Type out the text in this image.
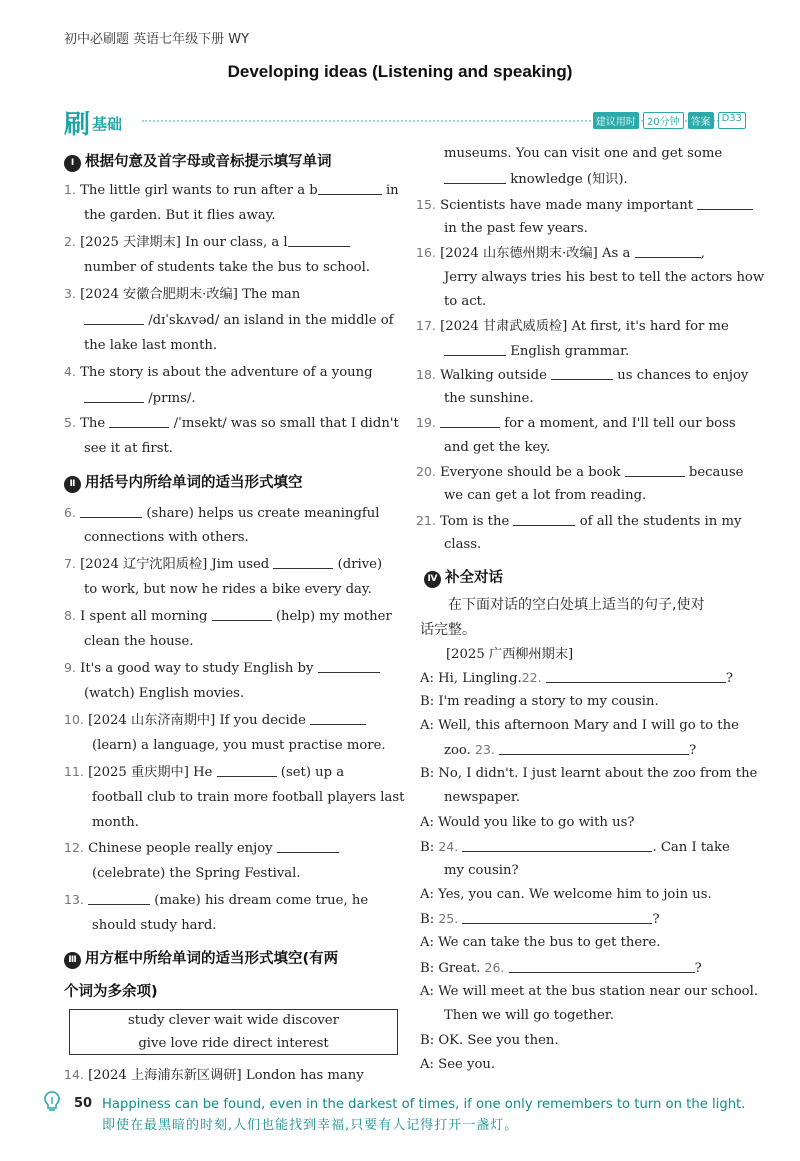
初中必刷题 英语七年级下册 WY
Developing ideas (Listening and speaking)
刷基础	建议用时	20分钟	答案	D33
Ⅰ 根据句意及首字母或音标提示填写单词
1. The little girl wants to run after a b	in
the garden. But it flies away.
2. [2025 天津期末] In our class, a l
number of students take the bus to school.
3. [2024 安徽合肥期末·改编] The man
/dɪˈskʌvəd/ an island in the middle of
the lake last month.
4. The story is about the adventure of a young
/prɪns/.
5. The	/ˈɪnsekt/ was so small that I didn't
see it at first.
Ⅱ 用括号内所给单词的适当形式填空
6.	(share) helps us create meaningful
connections with others.
7. [2024 辽宁沈阳质检] Jim used	(drive)
to work, but now he rides a bike every day.
8. I spent all morning	(help) my mother
clean the house.
9. It's a good way to study English by
(watch) English movies.
10. [2024 山东济南期中] If you decide
(learn) a language, you must practise more.
11. [2025 重庆期中] He	(set) up a
football club to train more football players last
month.
12. Chinese people really enjoy
(celebrate) the Spring Festival.
13.	(make) his dream come true, he
should study hard.
Ⅲ 用方框中所给单词的适当形式填空(有两
个词为多余项)
study clever wait wide discover
give love ride direct interest
14. [2024 上海浦东新区调研] London has many
museums. You can visit one and get some
knowledge (知识).
15. Scientists have made many important
in the past few years.
16. [2024 山东德州期末·改编] As a	,
Jerry always tries his best to tell the actors how
to act.
17. [2024 甘肃武威质检] At first, it's hard for me
English grammar.
18. Walking outside	us chances to enjoy
the sunshine.
19.	for a moment, and I'll tell our boss
and get the key.
20. Everyone should be a book	because
we can get a lot from reading.
21. Tom is the	of all the students in my
class.
Ⅳ 补全对话
在下面对话的空白处填上适当的句子,使对
话完整。
[2025 广西柳州期末]
A: Hi, Lingling.22.	?
B: I'm reading a story to my cousin.
A: Well, this afternoon Mary and I will go to the
zoo. 23.	?
B: No, I didn't. I just learnt about the zoo from the
newspaper.
A: Would you like to go with us?
B: 24.	. Can I take
my cousin?
A: Yes, you can. We welcome him to join us.
B: 25.	?
A: We can take the bus to get there.
B: Great. 26.	?
A: We will meet at the bus station near our school.
Then we will go together.
B: OK. See you then.
A: See you.
50 Happiness can be found, even in the darkest of times, if one only remembers to turn on the light.
即使在最黑暗的时刻,人们也能找到幸福,只要有人记得打开一盏灯。
